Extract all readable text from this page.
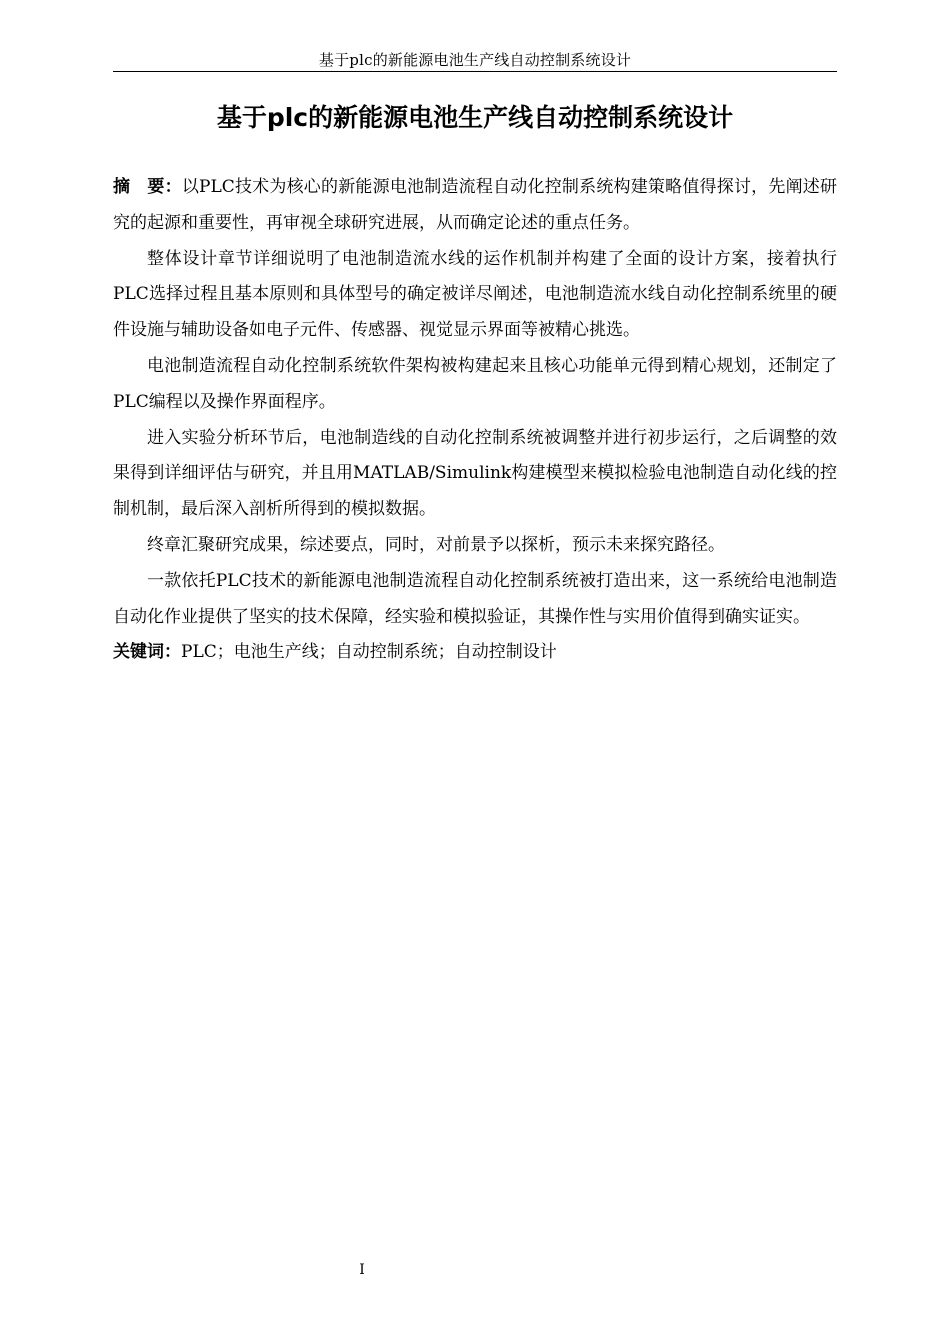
基于plc的新能源电池生产线自动控制系统设计
基于plc的新能源电池生产线自动控制系统设计

摘　要：以PLC技术为核心的新能源电池制造流程自动化控制系统构建策略值得探讨，先阐述研究的起源和重要性，再审视全球研究进展，从而确定论述的重点任务。

整体设计章节详细说明了电池制造流水线的运作机制并构建了全面的设计方案，接着执行PLC选择过程且基本原则和具体型号的确定被详尽阐述，电池制造流水线自动化控制系统里的硬件设施与辅助设备如电子元件、传感器、视觉显示界面等被精心挑选。

电池制造流程自动化控制系统软件架构被构建起来且核心功能单元得到精心规划，还制定了PLC编程以及操作界面程序。

进入实验分析环节后，电池制造线的自动化控制系统被调整并进行初步运行，之后调整的效果得到详细评估与研究，并且用MATLAB/Simulink构建模型来模拟检验电池制造自动化线的控制机制，最后深入剖析所得到的模拟数据。

终章汇聚研究成果，综述要点，同时，对前景予以探析，预示未来探究路径。

一款依托PLC技术的新能源电池制造流程自动化控制系统被打造出来，这一系统给电池制造自动化作业提供了坚实的技术保障，经实验和模拟验证，其操作性与实用价值得到确实证实。

关键词：PLC；电池生产线；自动控制系统；自动控制设计

I
